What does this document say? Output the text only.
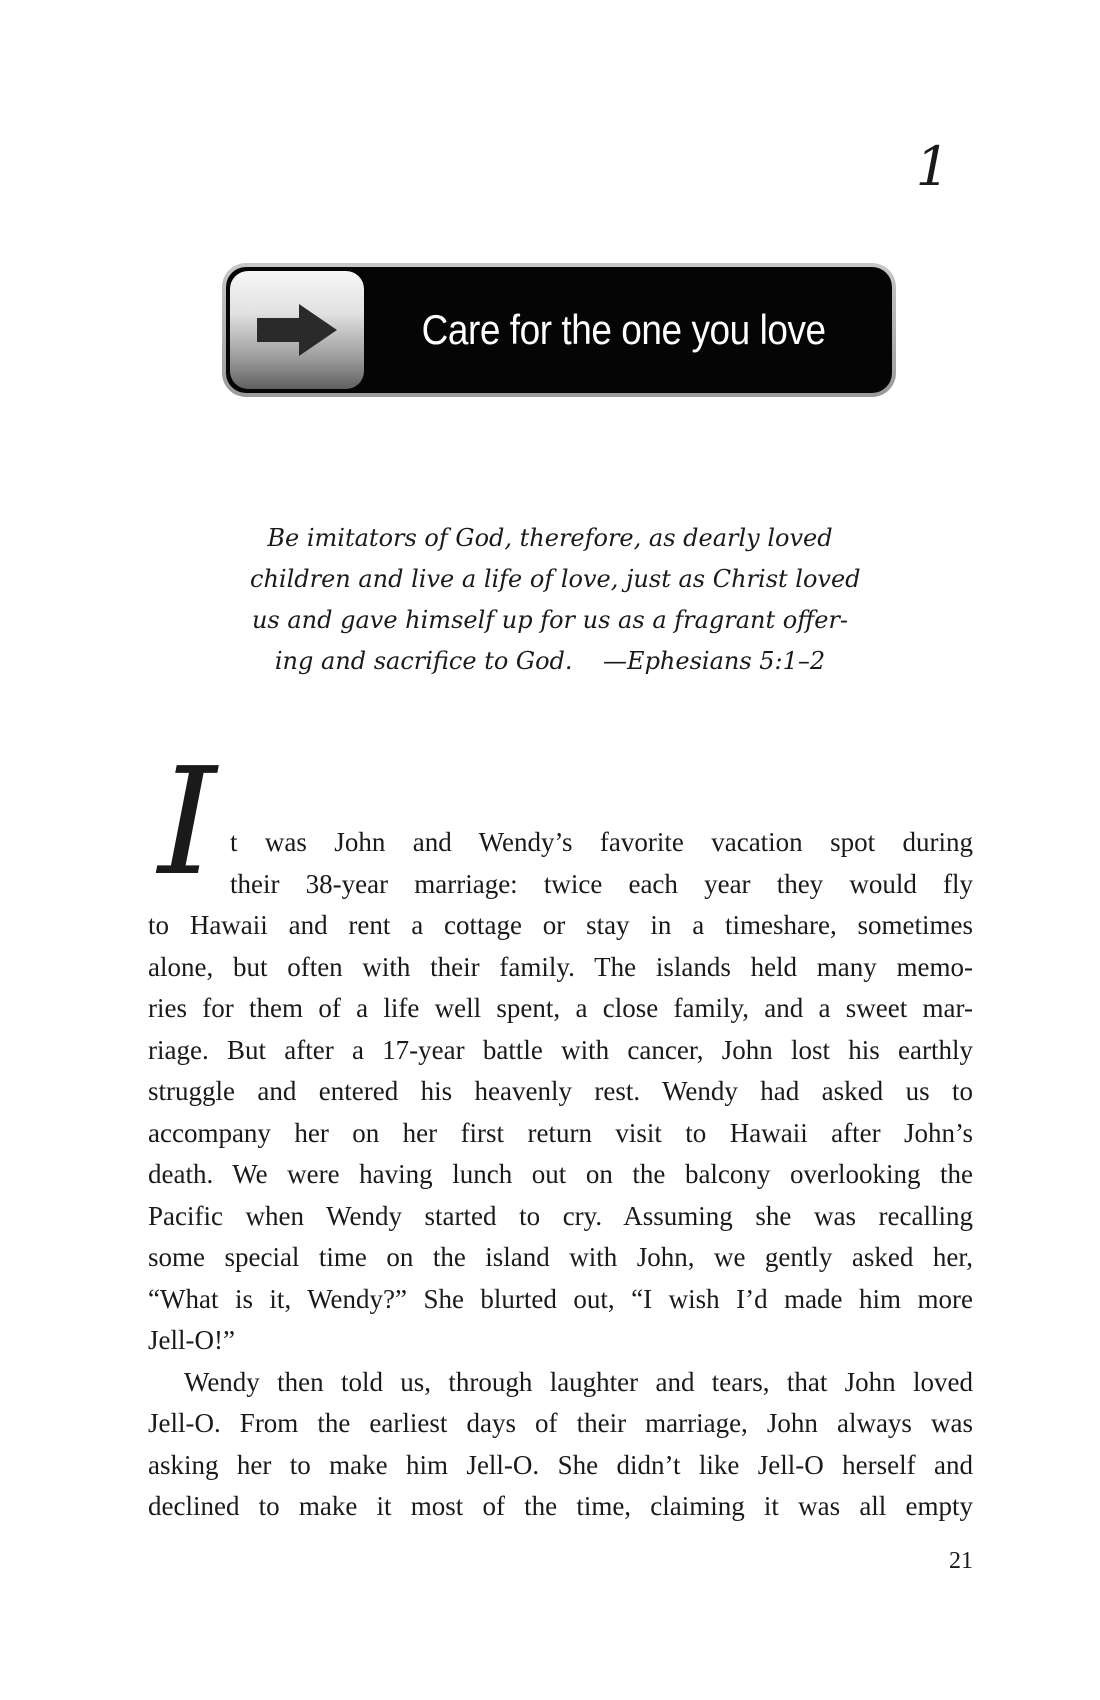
1
Care for the one you love
Be imitators of God, therefore, as dearly loved
children and live a life of love, just as Christ loved
us and gave himself up for us as a fragrant offer-
ing and sacrifice to God.    —Ephesians 5:1–2
I t was John and Wendy’s favorite vacation spot during
their 38-year marriage: twice each year they would fly
to Hawaii and rent a cottage or stay in a timeshare, sometimes
alone, but often with their family. The islands held many memo-
ries for them of a life well spent, a close family, and a sweet mar-
riage. But after a 17-year battle with cancer, John lost his earthly
struggle and entered his heavenly rest. Wendy had asked us to
accompany her on her first return visit to Hawaii after John’s
death. We were having lunch out on the balcony overlooking the
Pacific when Wendy started to cry. Assuming she was recalling
some special time on the island with John, we gently asked her,
“What is it, Wendy?” She blurted out, “I wish I’d made him more
Jell-O!”

Wendy then told us, through laughter and tears, that John loved
Jell-O. From the earliest days of their marriage, John always was
asking her to make him Jell-O. She didn’t like Jell-O herself and
declined to make it most of the time, claiming it was all empty

21
